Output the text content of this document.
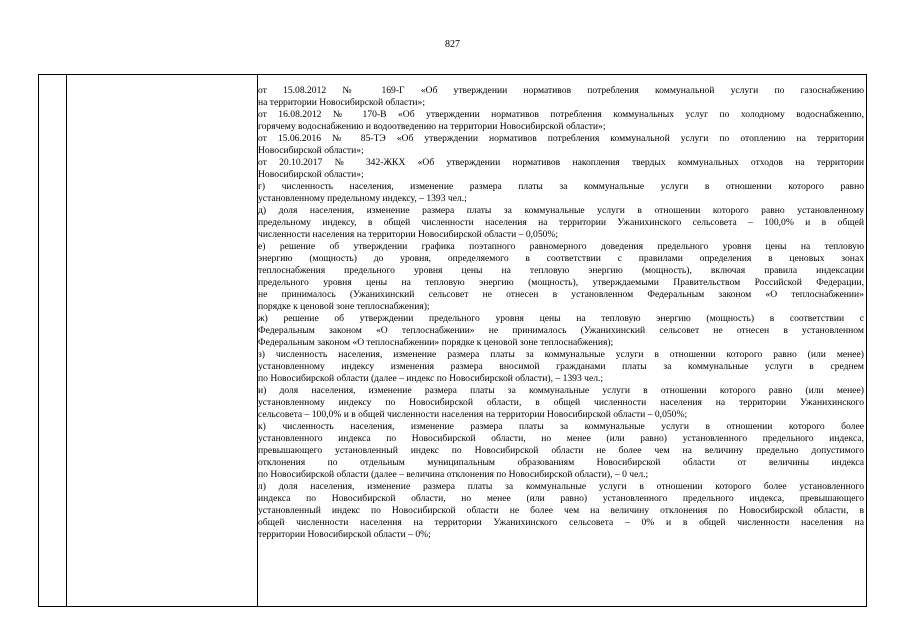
827
от 15.08.2012 № 169-Г «Об утверждении нормативов потребления коммунальной услуги по газоснабжению
на территории Новосибирской области»;
от 16.08.2012 № 170-В «Об утверждении нормативов потребления коммунальных услуг по холодному водоснабжению,
горячему водоснабжению и водоотведению на территории Новосибирской области»;
от 15.06.2016 № 85-ТЭ «Об утверждении нормативов потребления коммунальной услуги по отоплению на территории
Новосибирской области»;
от 20.10.2017 № 342-ЖКХ «Об утверждении нормативов накопления твердых коммунальных отходов на территории
Новосибирской области»;
г) численность населения, изменение размера платы за коммунальные услуги в отношении которого равно
установленному предельному индексу, – 1393 чел.;
д) доля населения, изменение размера платы за коммунальные услуги в отношении которого равно установленному
предельному индексу, в общей численности населения на территории Ужанихинского сельсовета – 100,0% и в общей
численности населения на территории Новосибирской области – 0,050%;
е) решение об утверждении графика поэтапного равномерного доведения предельного уровня цены на тепловую
энергию (мощность) до уровня, определяемого в соответствии с правилами определения в ценовых зонах
теплоснабжения предельного уровня цены на тепловую энергию (мощность), включая правила индексации
предельного уровня цены на тепловую энергию (мощность), утверждаемыми Правительством Российской Федерации,
не принималось (Ужанихинский сельсовет не отнесен в установленном Федеральным законом «О теплоснабжении»
порядке к ценовой зоне теплоснабжения);
ж) решение об утверждении предельного уровня цены на тепловую энергию (мощность) в соответствии с
Федеральным законом «О теплоснабжении» не принималось (Ужанихинский сельсовет не отнесен в установленном
Федеральным законом «О теплоснабжении» порядке к ценовой зоне теплоснабжения);
з) численность населения, изменение размера платы за коммунальные услуги в отношении которого равно (или менее)
установленному индексу изменения размера вносимой гражданами платы за коммунальные услуги в среднем
по Новосибирской области (далее – индекс по Новосибирской области), – 1393 чел.;
и) доля населения, изменение размера платы за коммунальные услуги в отношении которого равно (или менее)
установленному индексу по Новосибирской области, в общей численности населения на территории Ужанихинского
сельсовета – 100,0% и в общей численности населения на территории Новосибирской области – 0,050%;
к) численность населения, изменение размера платы за коммунальные услуги в отношении которого более
установленного индекса по Новосибирской области, но менее (или равно) установленного предельного индекса,
превышающего установленный индекс по Новосибирской области не более чем на величину предельно допустимого
отклонения по отдельным муниципальным образованиям Новосибирской области от величины индекса
по Новосибирской области (далее – величина отклонения по Новосибирской области), – 0 чел.;
л) доля населения, изменение размера платы за коммунальные услуги в отношении которого более установленного
индекса по Новосибирской области, но менее (или равно) установленного предельного индекса, превышающего
установленный индекс по Новосибирской области не более чем на величину отклонения по Новосибирской области, в
общей численности населения на территории Ужанихинского сельсовета – 0% и в общей численности населения на
территории Новосибирской области – 0%;
